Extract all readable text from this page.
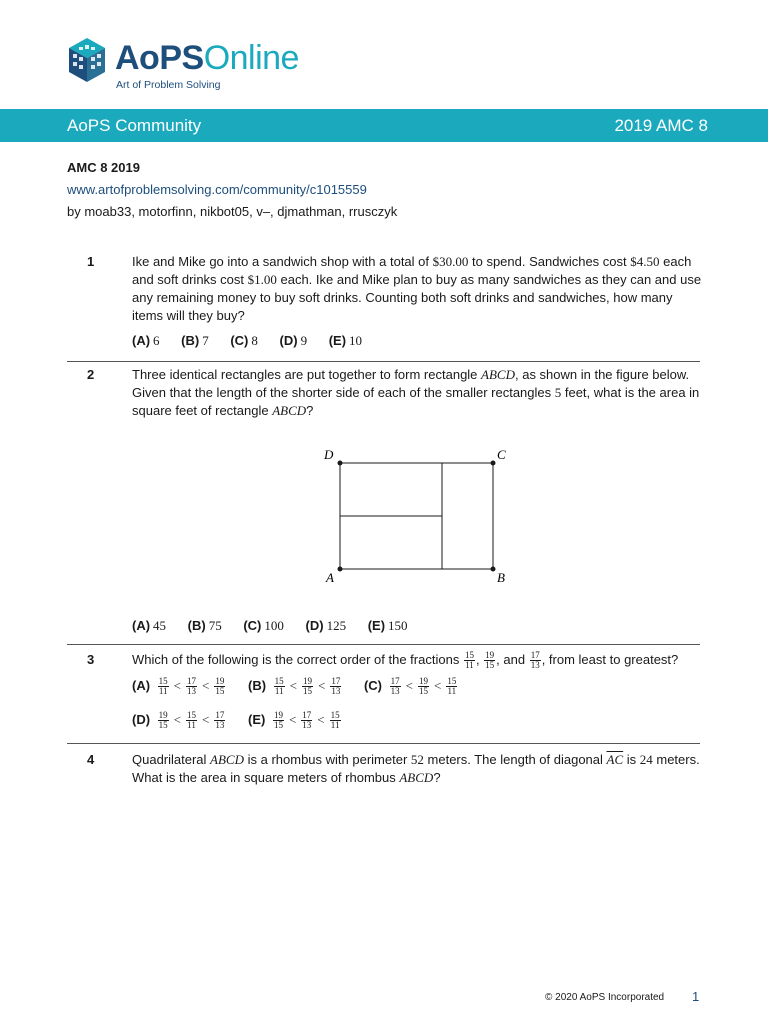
AoPSOnline
Art of Problem Solving
AoPS Community	2019 AMC 8
AMC 8 2019
www.artofproblemsolving.com/community/c1015559
by moab33, motorfinn, nikbot05, v–, djmathman, rrusczyk
1	Ike and Mike go into a sandwich shop with a total of $30.00 to spend. Sandwiches cost $4.50 each and soft drinks cost $1.00 each. Ike and Mike plan to buy as many sandwiches as they can and use any remaining money to buy soft drinks. Counting both soft drinks and sandwiches, how many items will they buy?
(A) 6 (B) 7 (C) 8 (D) 9 (E) 10
2	Three identical rectangles are put together to form rectangle ABCD, as shown in the figure below. Given that the length of the shorter side of each of the smaller rectangles 5 feet, what is the area in square feet of rectangle ABCD?
D	C
A	B
(A) 45 (B) 75 (C) 100 (D) 125 (E) 150
3	Which of the following is the correct order of the fractions $\frac{15}{11}$ , $\frac{19}{15}$ , and $\frac{17}{13}$ , from least to greatest?
$(A) \frac{15}{11} < \frac{17}{13} < \frac{19}{15} (B) \frac{15}{11} < \frac{19}{15} < \frac{17}{13} (C) \frac{17}{13} < \frac{19}{15} < \frac{15}{11}$
$(D) \frac{19}{15} < \frac{15}{11} < \frac{17}{13} (E) \frac{19}{15} < \frac{17}{13} < \frac{15}{11}$
4	Quadrilateral ABCD is a rhombus with perimeter 52 meters. The length of diagonal $\overline{AC}$ is 24 meters. What is the area in square meters of rhombus ABCD?
© 2020 AoPS Incorporated 1
